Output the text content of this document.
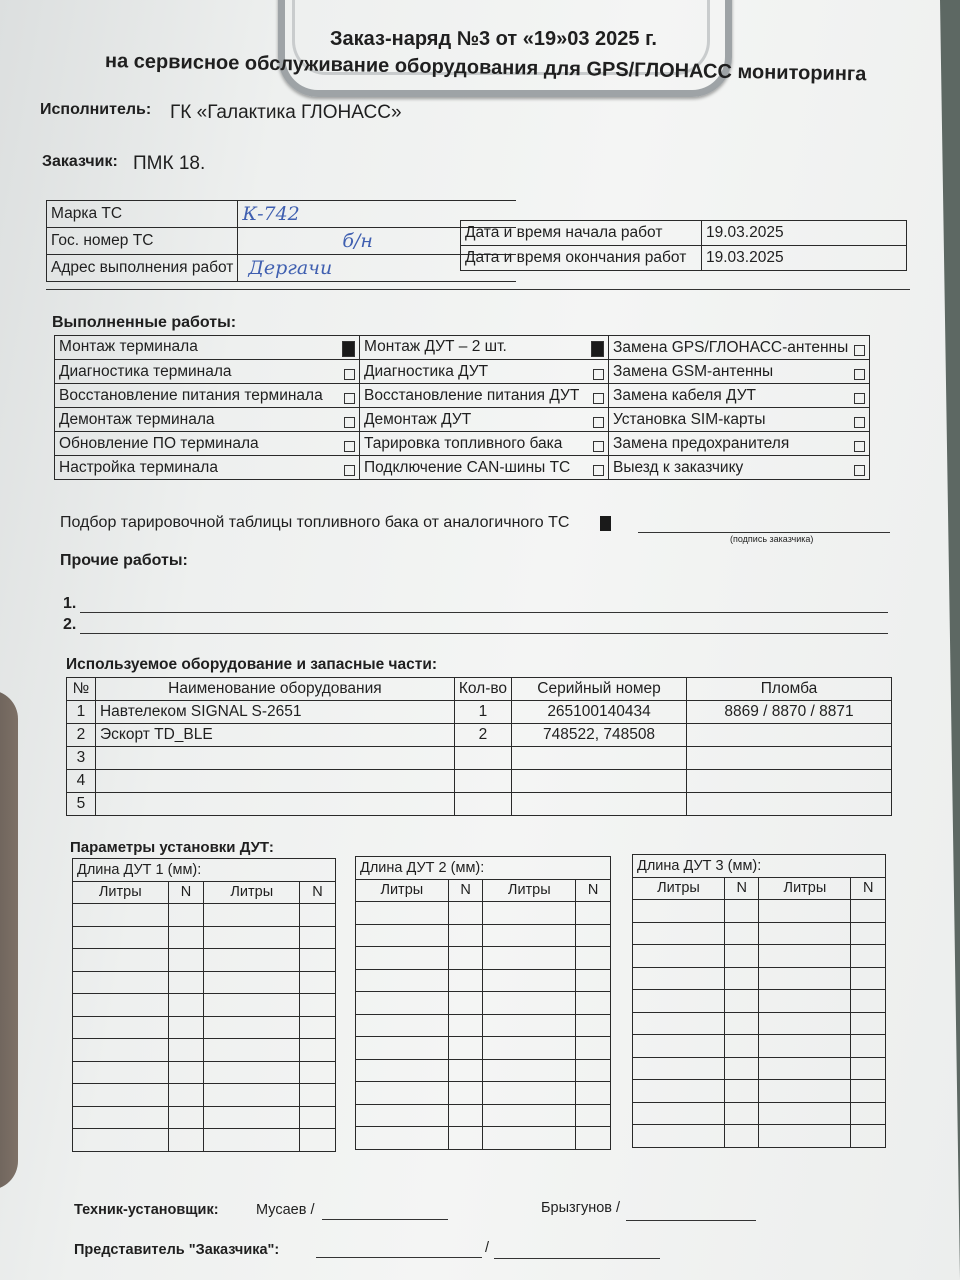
Заказ-наряд №3 от «19»03 2025 г.
на сервисное обслуживание оборудования для GPS/ГЛОНАСС мониторинга
Исполнитель: ГК «Галактика ГЛОНАСС»
Заказчик: ПМК 18.
Марка ТС	К-742
Гос. номер ТС	б/н
Адрес выполнения работ	Дергачи
Дата и время начала работ	19.03.2025
Дата и время окончания работ	19.03.2025
Выполненные работы:
Монтаж терминала	Монтаж ДУТ – 2 шт.	Замена GPS/ГЛОНАСС-антенны

Диагностика терминала	Диагностика ДУТ	Замена GSM-антенны

Восстановление питания терминала	Восстановление питания ДУТ	Замена кабеля ДУТ

Демонтаж терминала	Демонтаж ДУТ	Установка SIM-карты

Обновление ПО терминала	Тарировка топливного бака	Замена предохранителя

Настройка терминала	Подключение CAN-шины ТС	Выезд к заказчику
Подбор тарировочной таблицы топливного бака от аналогичного ТС
(подпись заказчика)
Прочие работы:
1.
2.
Используемое оборудование и запасные части:
№	Наименование оборудования	Кол-во	Серийный номер	Пломба
1	Навтелеком SIGNAL S-2651	1	265100140434	8869 / 8870 / 8871
2	Эскорт TD_BLE	2	748522, 748508	
3				
4				
5				
Параметры установки ДУТ:
Длина ДУТ 1 (мм):			
Литры	N	Литры	N

Длина ДУТ 2 (мм):			
Литры	N	Литры	N

Длина ДУТ 3 (мм):			
Литры	N	Литры	N

Техник-установщик:	Мусаев /	Брызгунов /
Представитель "Заказчика":	/
